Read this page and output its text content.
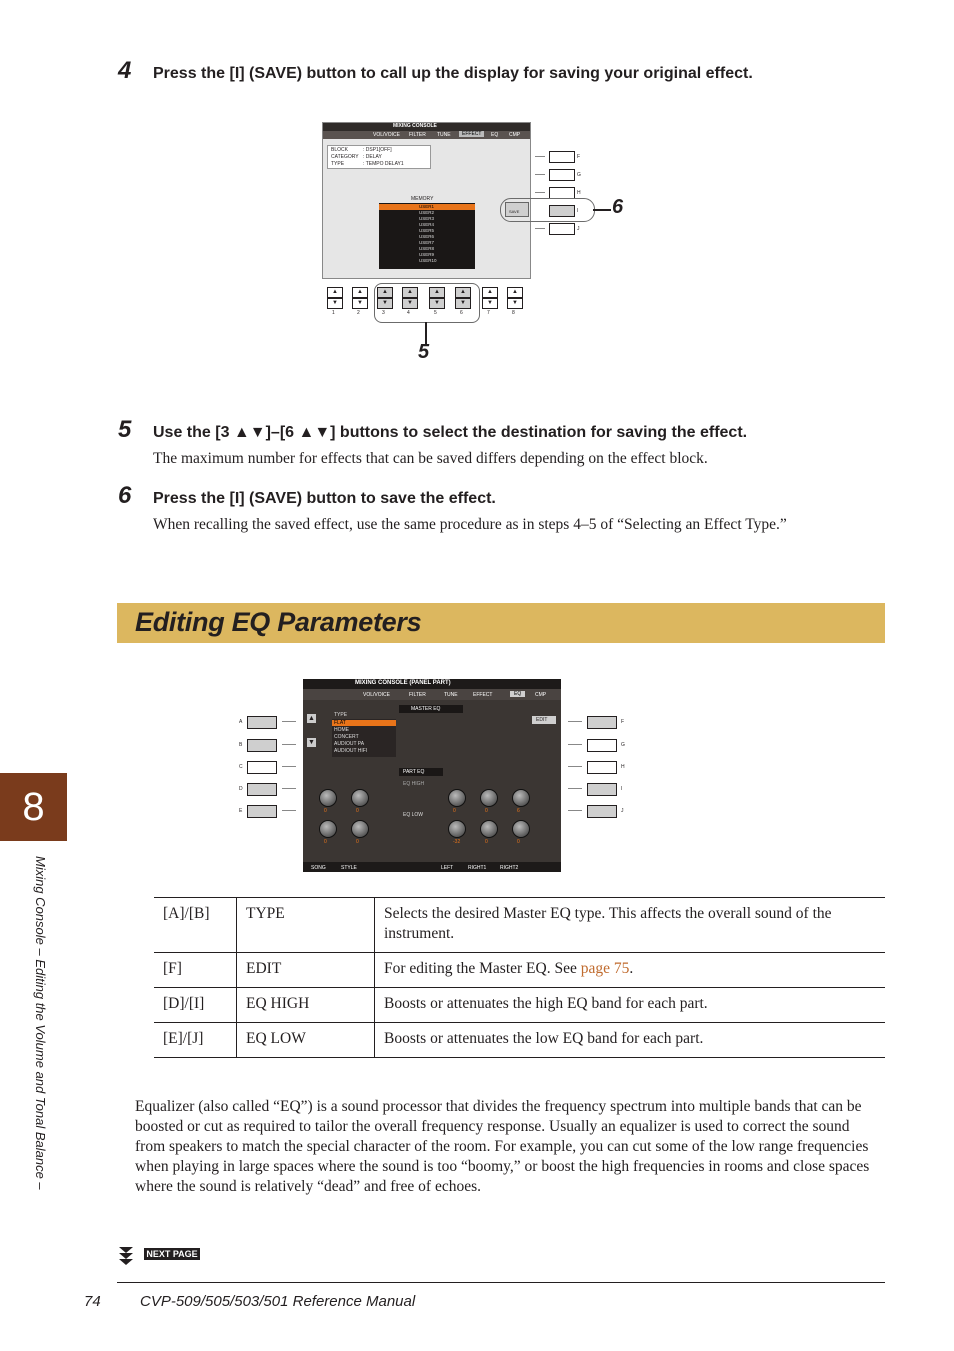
4 Press the [I] (SAVE) button to call up the display for saving your original effect.
MIXING CONSOLE
VOL/VOICE FILTER TUNE	EFFECT	EQ CMP
BLOCK	: DSP1[OFF]
CATEGORY : DELAY
TYPE	: TEMPO DELAY1
MEMORY
USER1
USER2
USER3
USER4
USER5
USER6
USER7
USER8
USER9
USER10
F
G
H
I
J
SAVE	6
▲
▼
1
▲
▼
2
▲
▼
3
▲
▼
4
▲
▼
5
▲
▼
6
▲
▼
7
▲
▼
8
5
5 Use the [3 ▲▼]–[6 ▲▼] buttons to select the destination for saving the effect.
The maximum number for effects that can be saved differs depending on the effect block.
6 Press the [I] (SAVE) button to save the effect.
When recalling the saved effect, use the same procedure as in steps 4–5 of “Selecting an Effect Type.”
Editing EQ Parameters
MIXING CONSOLE (PANEL PART)
VOL/VOICE	FILTER	TUNE	EFFECT	EQ	CMP
▲
▼
TYPE
FLAT
HOME
CONCERT
AUDIOUT PA
AUDIOUT HIFI
MASTER EQ
EDIT
PART EQ
EQ HIGH
EQ LOW
SONG	STYLE	LEFT	RIGHT1	RIGHT2
0	0	0	0	6
0	0	-32	0	0
A	F
B	G
C	H
D	I
E	J
[A]/[B]	TYPE	Selects the desired Master EQ type. This affects the overall sound of the instrument.
[F]	EDIT	For editing the Master EQ. See page 75.
[D]/[I]	EQ HIGH	Boosts or attenuates the high EQ band for each part.
[E]/[J]	EQ LOW	Boosts or attenuates the low EQ band for each part.
Equalizer (also called “EQ”) is a sound processor that divides the frequency spectrum into multiple bands that can be boosted or cut as required to tailor the overall frequency response. Usually an equalizer is used to correct the sound from speakers to match the special character of the room. For example, you can cut some of the low range frequencies when playing in large spaces where the sound is too “boomy,” or boost the high frequencies in rooms and close spaces where the sound is relatively “dead” and free of echoes.
NEXT PAGE
8
Mixing Console – Editing the Volume and Tonal Balance –
74	CVP-509/505/503/501 Reference Manual
